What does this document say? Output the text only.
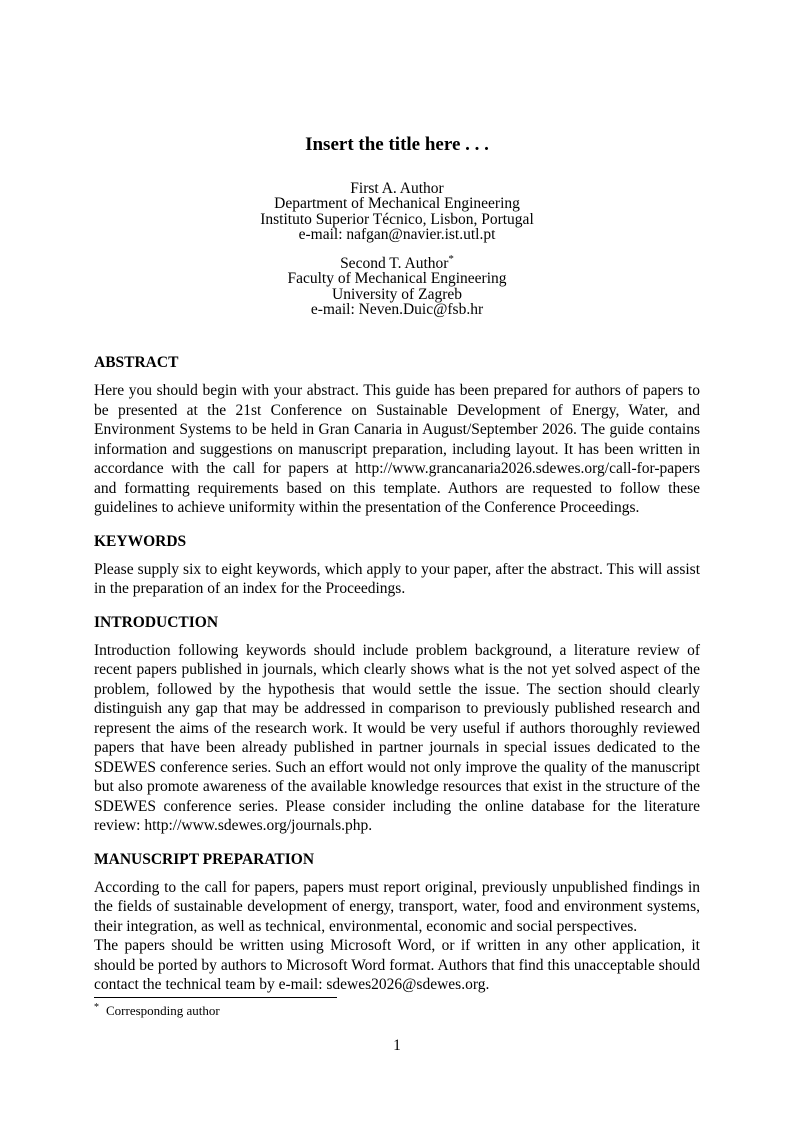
Insert the title here . . .
First A. Author
Department of Mechanical Engineering
Instituto Superior Técnico, Lisbon, Portugal
e-mail: nafgan@navier.ist.utl.pt
Second T. Author*
Faculty of Mechanical Engineering
University of Zagreb
e-mail: Neven.Duic@fsb.hr
ABSTRACT

Here you should begin with your abstract. This guide has been prepared for authors of papers to be presented at the 21st Conference on Sustainable Development of Energy, Water, and Environment Systems to be held in Gran Canaria in August/September 2026. The guide contains information and suggestions on manuscript preparation, including layout. It has been written in accordance with the call for papers at http://www.grancanaria2026.sdewes.org/call-for-papers and formatting requirements based on this template. Authors are requested to follow these guidelines to achieve uniformity within the presentation of the Conference Proceedings.

KEYWORDS

Please supply six to eight keywords, which apply to your paper, after the abstract. This will assist in the preparation of an index for the Proceedings.

INTRODUCTION

Introduction following keywords should include problem background, a literature review of recent papers published in journals, which clearly shows what is the not yet solved aspect of the problem, followed by the hypothesis that would settle the issue. The section should clearly distinguish any gap that may be addressed in comparison to previously published research and represent the aims of the research work. It would be very useful if authors thoroughly reviewed papers that have been already published in partner journals in special issues dedicated to the SDEWES conference series. Such an effort would not only improve the quality of the manuscript but also promote awareness of the available knowledge resources that exist in the structure of the SDEWES conference series. Please consider including the online database for the literature review: http://www.sdewes.org/journals.php.

MANUSCRIPT PREPARATION

According to the call for papers, papers must report original, previously unpublished findings in the fields of sustainable development of energy, transport, water, food and environment systems, their integration, as well as technical, environmental, economic and social perspectives.

The papers should be written using Microsoft Word, or if written in any other application, it should be ported by authors to Microsoft Word format. Authors that find this unacceptable should contact the technical team by e-mail: sdewes2026@sdewes.org.

* Corresponding author
1
